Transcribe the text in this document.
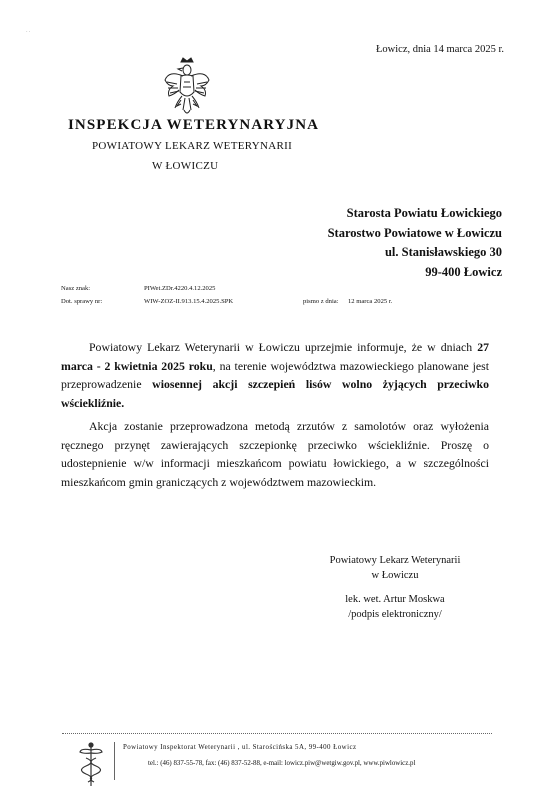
· ·
Łowicz, dnia 14 marca 2025 r.
INSPEKCJA WETERYNARYJNA
POWIATOWY LEKARZ WETERYNARII
W ŁOWICZU
Starosta Powiatu Łowickiego
Starostwo Powiatowe w Łowiczu
ul. Stanisławskiego 30
99-400 Łowicz
Nasz znak:	PIWet.ZDr.4220.4.12.2025
Dot. sprawy nr:	WIW-ZOZ-II.913.15.4.2025.SPK	pismo z dnia: 12 marca 2025 r.
Powiatowy Lekarz Weterynarii w Łowiczu uprzejmie informuje, że w dniach 27 marca - 2 kwietnia 2025 roku, na terenie województwa mazowieckiego planowane jest przeprowadzenie wiosennej akcji szczepień lisów wolno żyjących przeciwko wściekliźnie.
Akcja zostanie przeprowadzona metodą zrzutów z samolotów oraz wyłożenia ręcznego przynęt zawierających szczepionkę przeciwko wściekliźnie. Proszę o udostepnienie w/w informacji mieszkańcom powiatu łowickiego, a w szczególności mieszkańcom gmin graniczących z województwem mazowieckim.
Powiatowy Lekarz Weterynarii
w Łowiczu
lek. wet. Artur Moskwa
/podpis elektroniczny/
Powiatowy Inspektorat Weterynarii , ul. Starościńska 5A, 99-400 Łowicz
tel.: (46) 837-55-78, fax: (46) 837-52-88, e-mail: lowicz.piw@wetgiw.gov.pl, www.piwlowicz.pl
